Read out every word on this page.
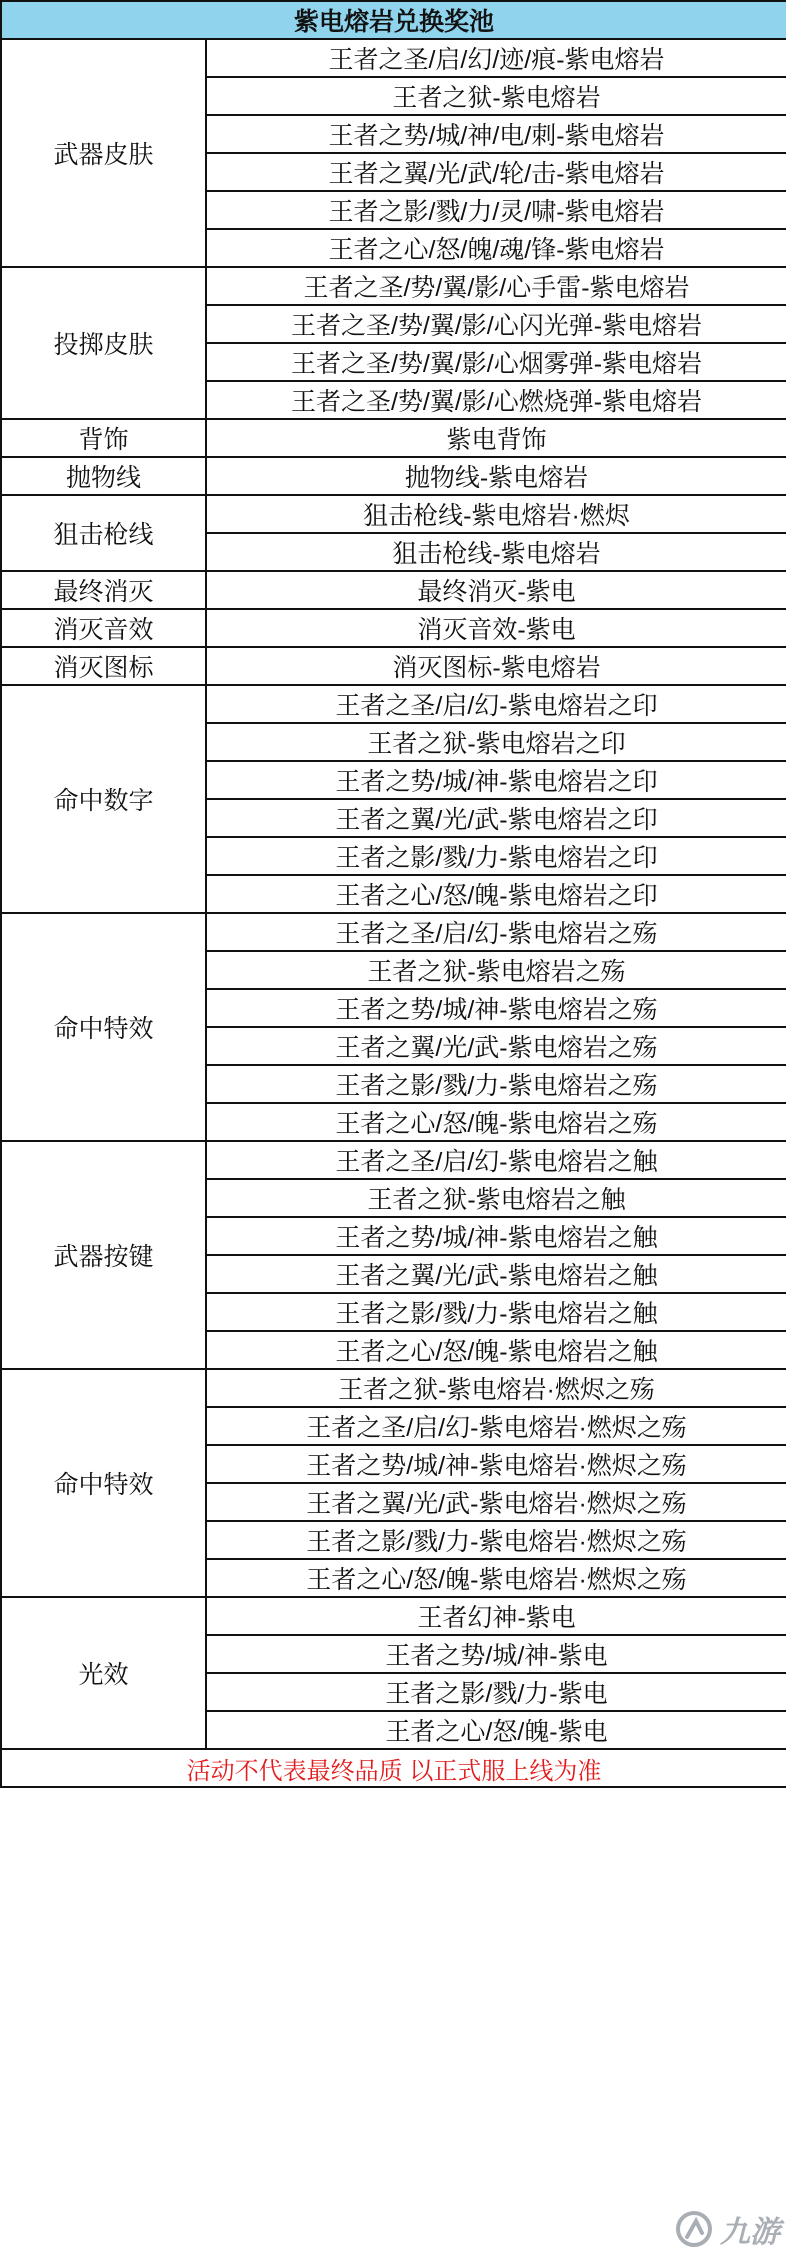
紫电熔岩兑换奖池	
武器皮肤	王者之圣/启/幻/迹/痕-紫电熔岩
	王者之狱-紫电熔岩
	王者之势/城/神/电/刺-紫电熔岩
	王者之翼/光/武/轮/击-紫电熔岩
	王者之影/戮/力/灵/啸-紫电熔岩
	王者之心/怒/魄/魂/锋-紫电熔岩
投掷皮肤	王者之圣/势/翼/影/心手雷-紫电熔岩
	王者之圣/势/翼/影/心闪光弹-紫电熔岩
	王者之圣/势/翼/影/心烟雾弹-紫电熔岩
	王者之圣/势/翼/影/心燃烧弹-紫电熔岩
背饰	紫电背饰
抛物线	抛物线-紫电熔岩
狙击枪线	狙击枪线-紫电熔岩·燃烬
	狙击枪线-紫电熔岩
最终消灭	最终消灭-紫电
消灭音效	消灭音效-紫电
消灭图标	消灭图标-紫电熔岩
命中数字	王者之圣/启/幻-紫电熔岩之印
	王者之狱-紫电熔岩之印
	王者之势/城/神-紫电熔岩之印
	王者之翼/光/武-紫电熔岩之印
	王者之影/戮/力-紫电熔岩之印
	王者之心/怒/魄-紫电熔岩之印
命中特效	王者之圣/启/幻-紫电熔岩之殇
	王者之狱-紫电熔岩之殇
	王者之势/城/神-紫电熔岩之殇
	王者之翼/光/武-紫电熔岩之殇
	王者之影/戮/力-紫电熔岩之殇
	王者之心/怒/魄-紫电熔岩之殇
武器按键	王者之圣/启/幻-紫电熔岩之触
	王者之狱-紫电熔岩之触
	王者之势/城/神-紫电熔岩之触
	王者之翼/光/武-紫电熔岩之触
	王者之影/戮/力-紫电熔岩之触
	王者之心/怒/魄-紫电熔岩之触
命中特效	王者之狱-紫电熔岩·燃烬之殇
	王者之圣/启/幻-紫电熔岩·燃烬之殇
	王者之势/城/神-紫电熔岩·燃烬之殇
	王者之翼/光/武-紫电熔岩·燃烬之殇
	王者之影/戮/力-紫电熔岩·燃烬之殇
	王者之心/怒/魄-紫电熔岩·燃烬之殇
光效	王者幻神-紫电
	王者之势/城/神-紫电
	王者之影/戮/力-紫电
	王者之心/怒/魄-紫电
活动不代表最终品质 以正式服上线为准	
九游
